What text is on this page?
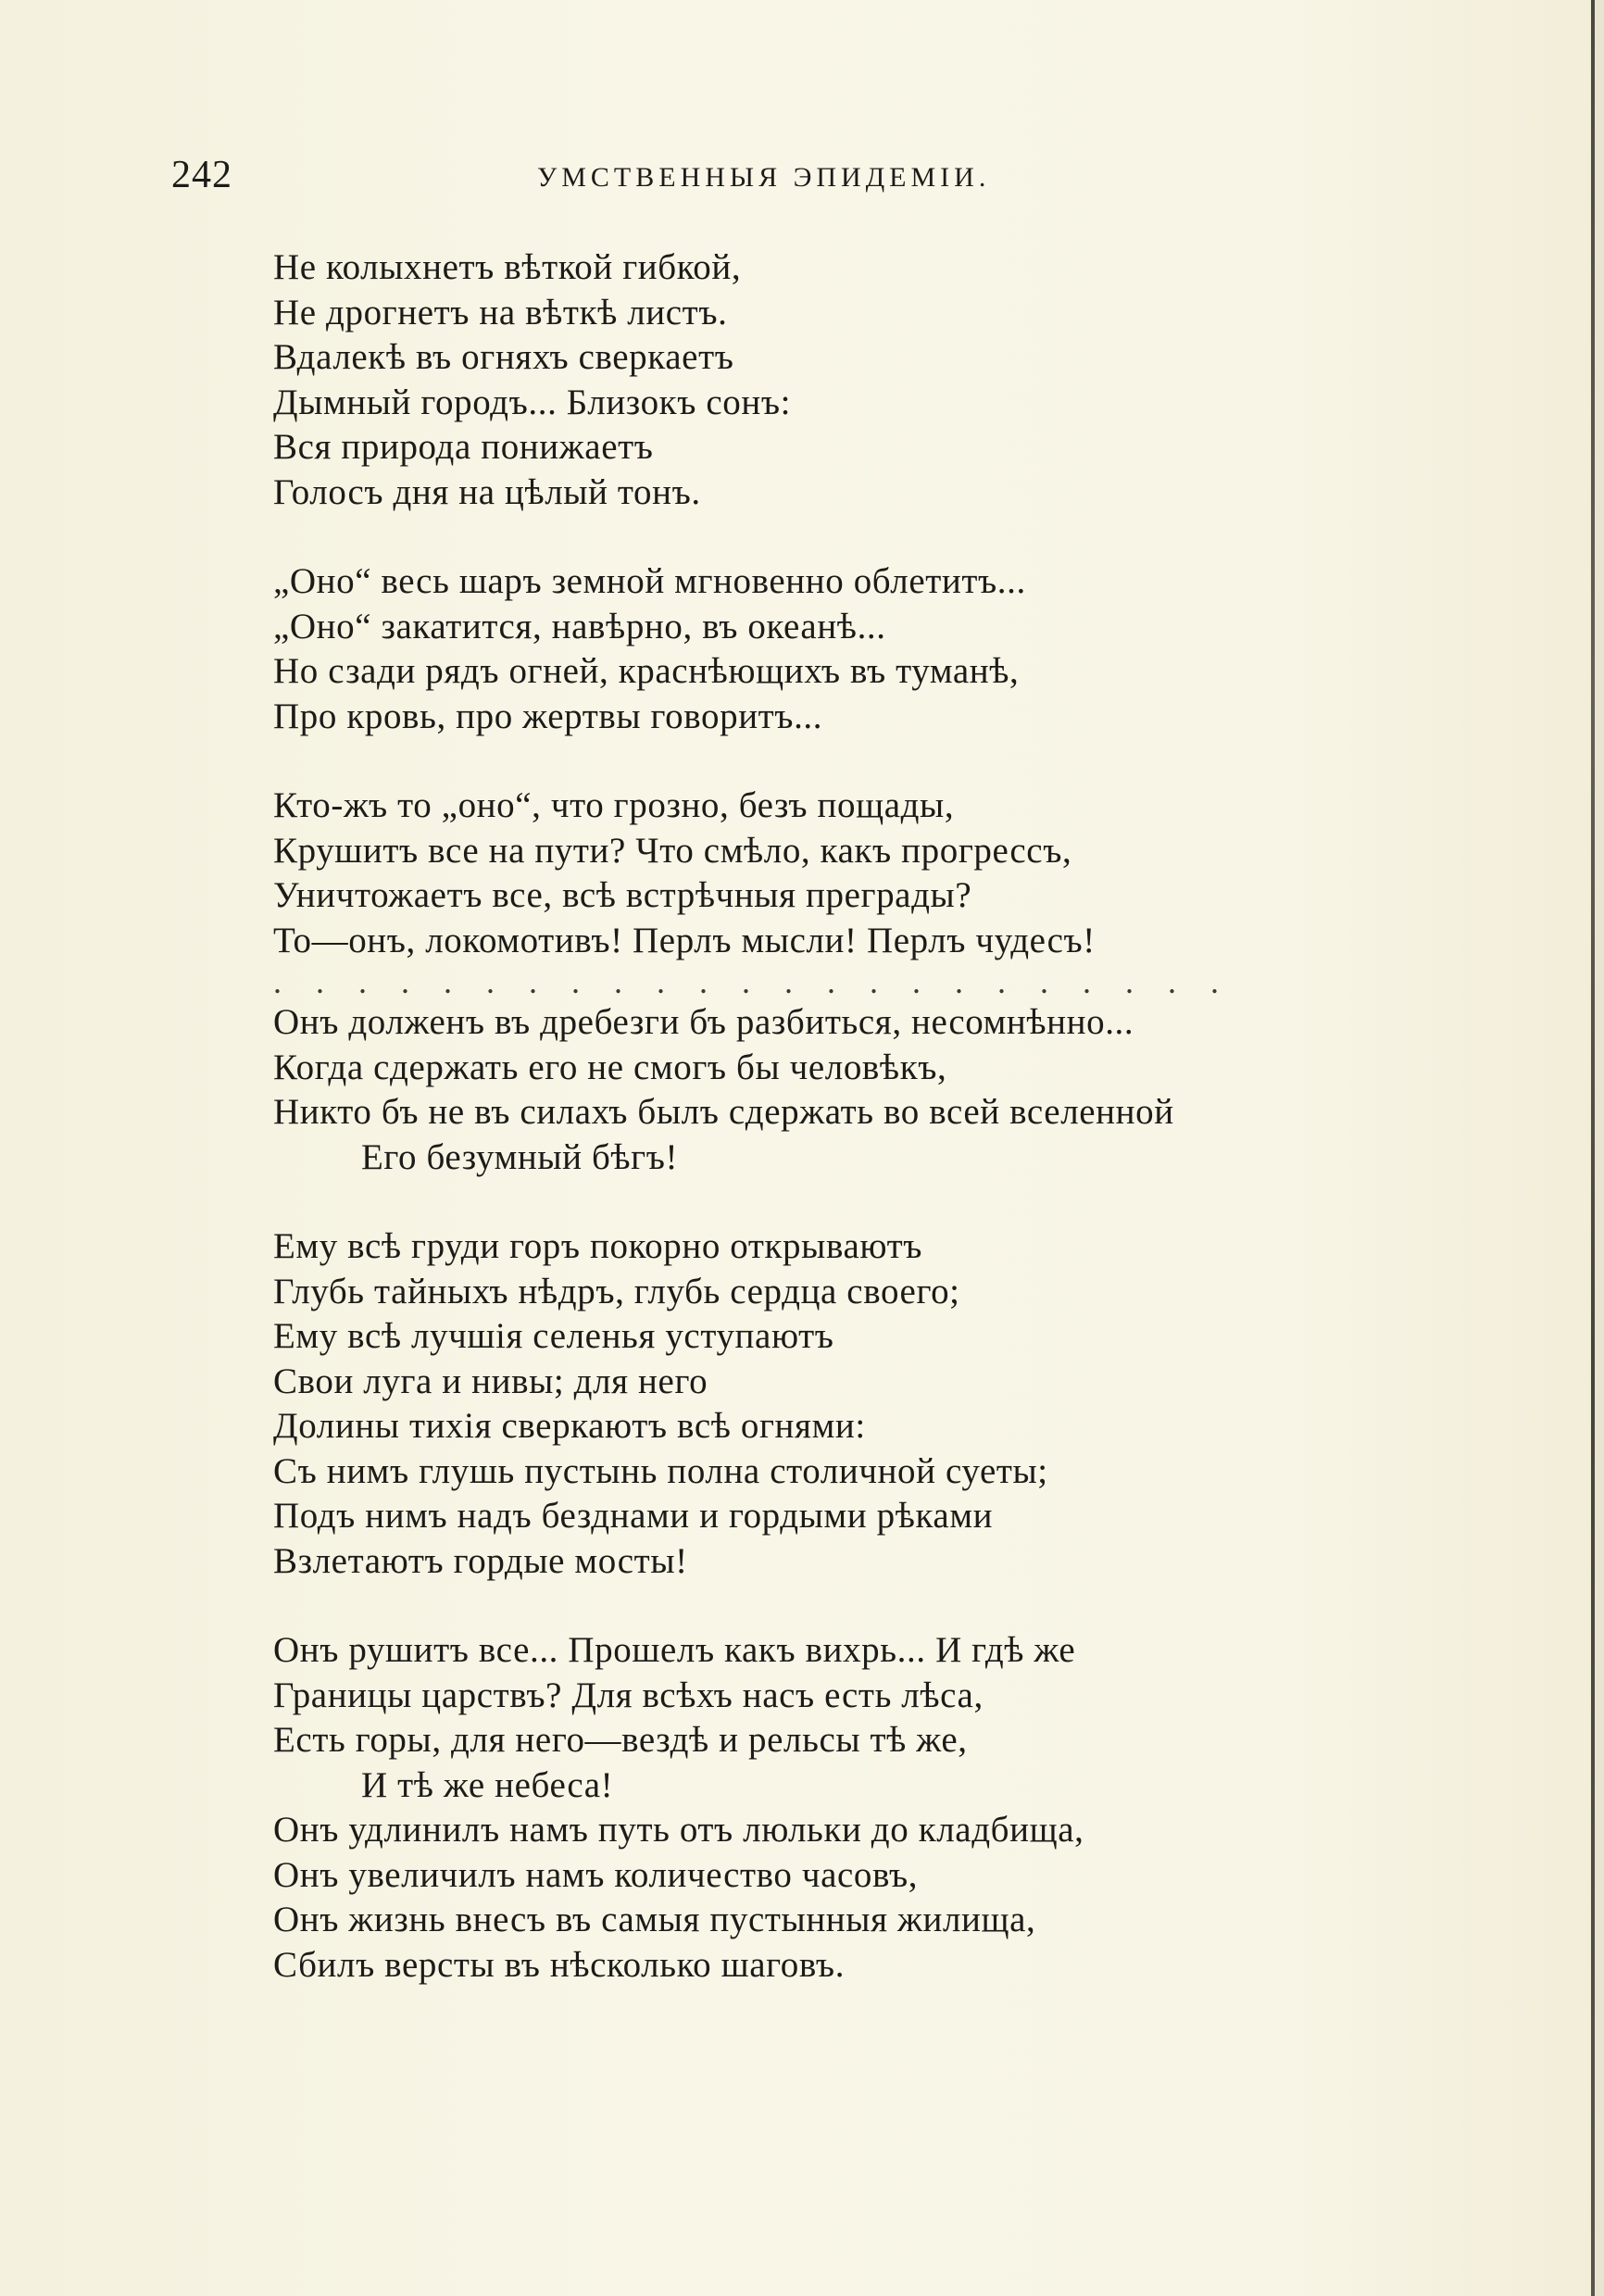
242	УМСТВЕННЫЯ ЭПИДЕМІИ.
Не колыхнетъ вѣткой гибкой,
Не дрогнетъ на вѣткѣ листъ.
Вдалекѣ въ огняхъ сверкаетъ
Дымный городъ... Близокъ сонъ:
Вся природа понижаетъ
Голосъ дня на цѣлый тонъ.
„Оно“ весь шаръ земной мгновенно облетитъ...
„Оно“ закатится, навѣрно, въ океанѣ...
Но сзади рядъ огней, краснѣющихъ въ туманѣ,
Про кровь, про жертвы говоритъ...
Кто-жъ то „оно“, что грозно, безъ пощады,
Крушитъ все на пути? Что смѣло, какъ прогрессъ,
Уничтожаетъ все, всѣ встрѣчныя преграды?
То—онъ, локомотивъ! Перлъ мысли! Перлъ чудесъ!
. . . . . . . . . . . . . . . . . . . . . . .
Онъ долженъ въ дребезги бъ разбиться, несомнѣнно...
Когда сдержать его не смогъ бы человѣкъ,
Никто бъ не въ силахъ былъ сдержать во всей вселенной
Его безумный бѣгъ!
Ему всѣ груди горъ покорно открываютъ
Глубь тайныхъ нѣдръ, глубь сердца своего;
Ему всѣ лучшія селенья уступаютъ
Свои луга и нивы; для него
Долины тихія сверкаютъ всѣ огнями:
Съ нимъ глушь пустынь полна столичной суеты;
Подъ нимъ надъ безднами и гордыми рѣками
Взлетаютъ гордые мосты!
Онъ рушитъ все... Прошелъ какъ вихрь... И гдѣ же
Границы царствъ? Для всѣхъ насъ есть лѣса,
Есть горы, для него—вездѣ и рельсы тѣ же,
И тѣ же небеса!
Онъ удлинилъ намъ путь отъ люльки до кладбища,
Онъ увеличилъ намъ количество часовъ,
Онъ жизнь внесъ въ самыя пустынныя жилища,
Сбилъ версты въ нѣсколько шаговъ.
